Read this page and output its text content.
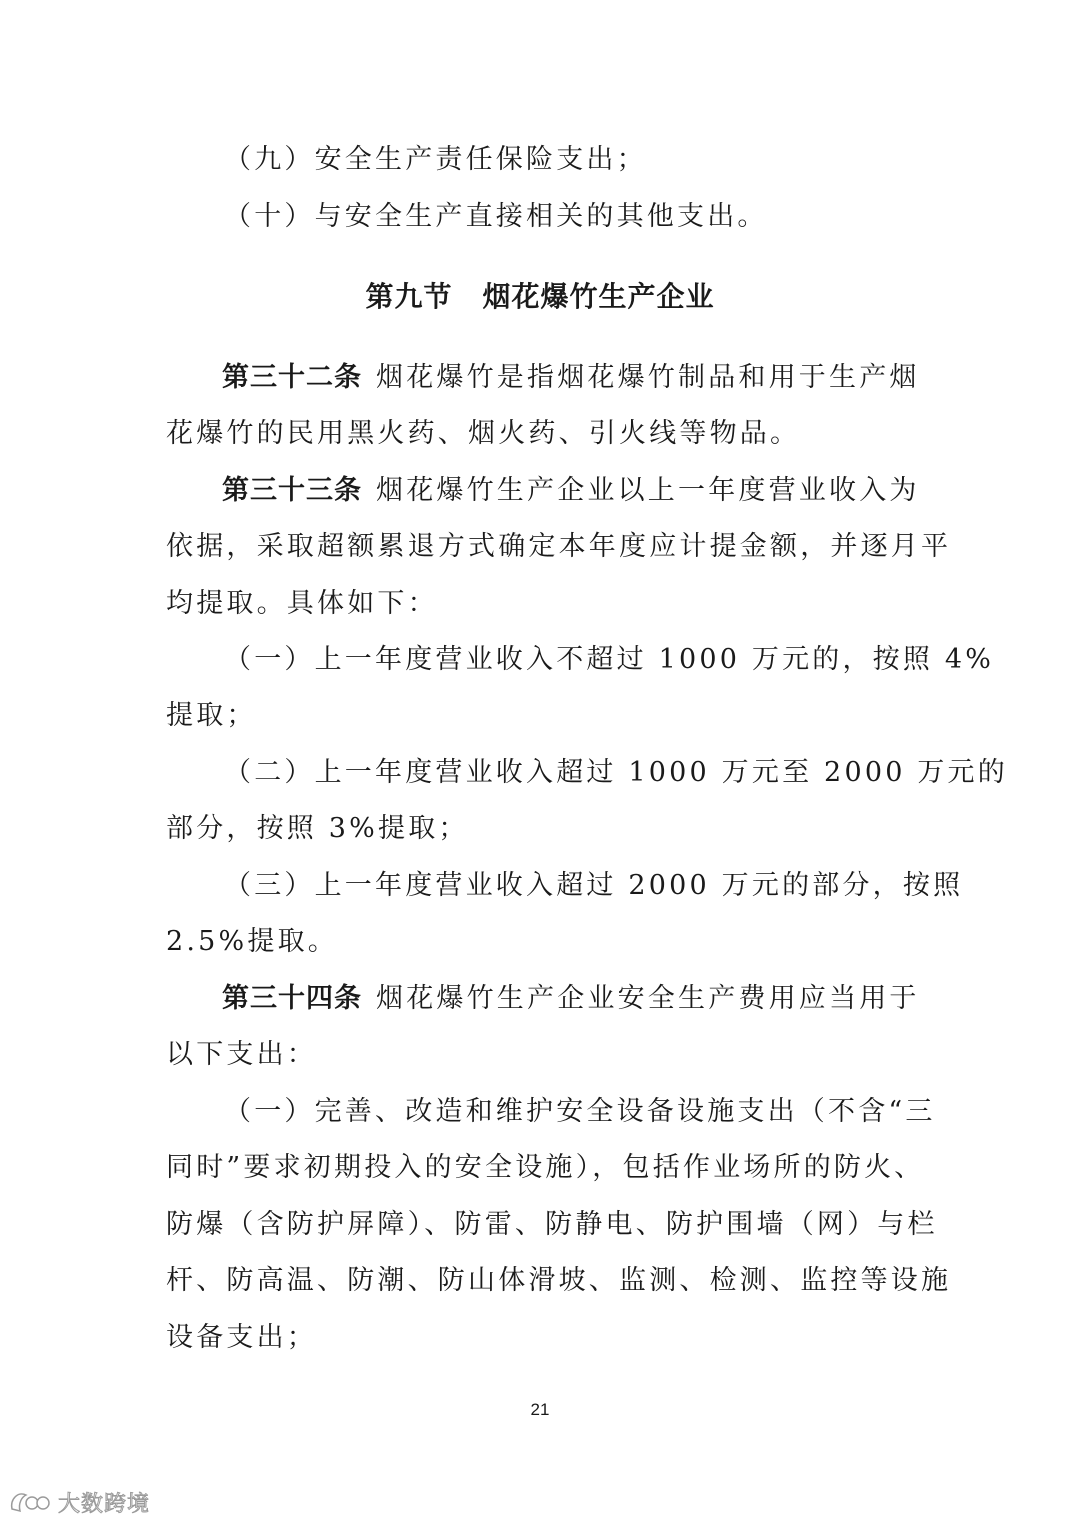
（九）安全生产责任保险支出；
（十）与安全生产直接相关的其他支出。
第九节 烟花爆竹生产企业
第三十二条 烟花爆竹是指烟花爆竹制品和用于生产烟
花爆竹的民用黑火药、烟火药、引火线等物品。
第三十三条 烟花爆竹生产企业以上一年度营业收入为
依据，采取超额累退方式确定本年度应计提金额，并逐月平
均提取。具体如下：
（一）上一年度营业收入不超过 1000 万元的，按照 4%
提取；
（二）上一年度营业收入超过 1000 万元至 2000 万元的
部分，按照 3%提取；
（三）上一年度营业收入超过 2000 万元的部分，按照
2.5%提取。
第三十四条 烟花爆竹生产企业安全生产费用应当用于
以下支出：
（一）完善、改造和维护安全设备设施支出（不含“三
同时”要求初期投入的安全设施），包括作业场所的防火、
防爆（含防护屏障）、防雷、防静电、防护围墙（网）与栏
杆、防高温、防潮、防山体滑坡、监测、检测、监控等设施
设备支出；
21
大数跨境
